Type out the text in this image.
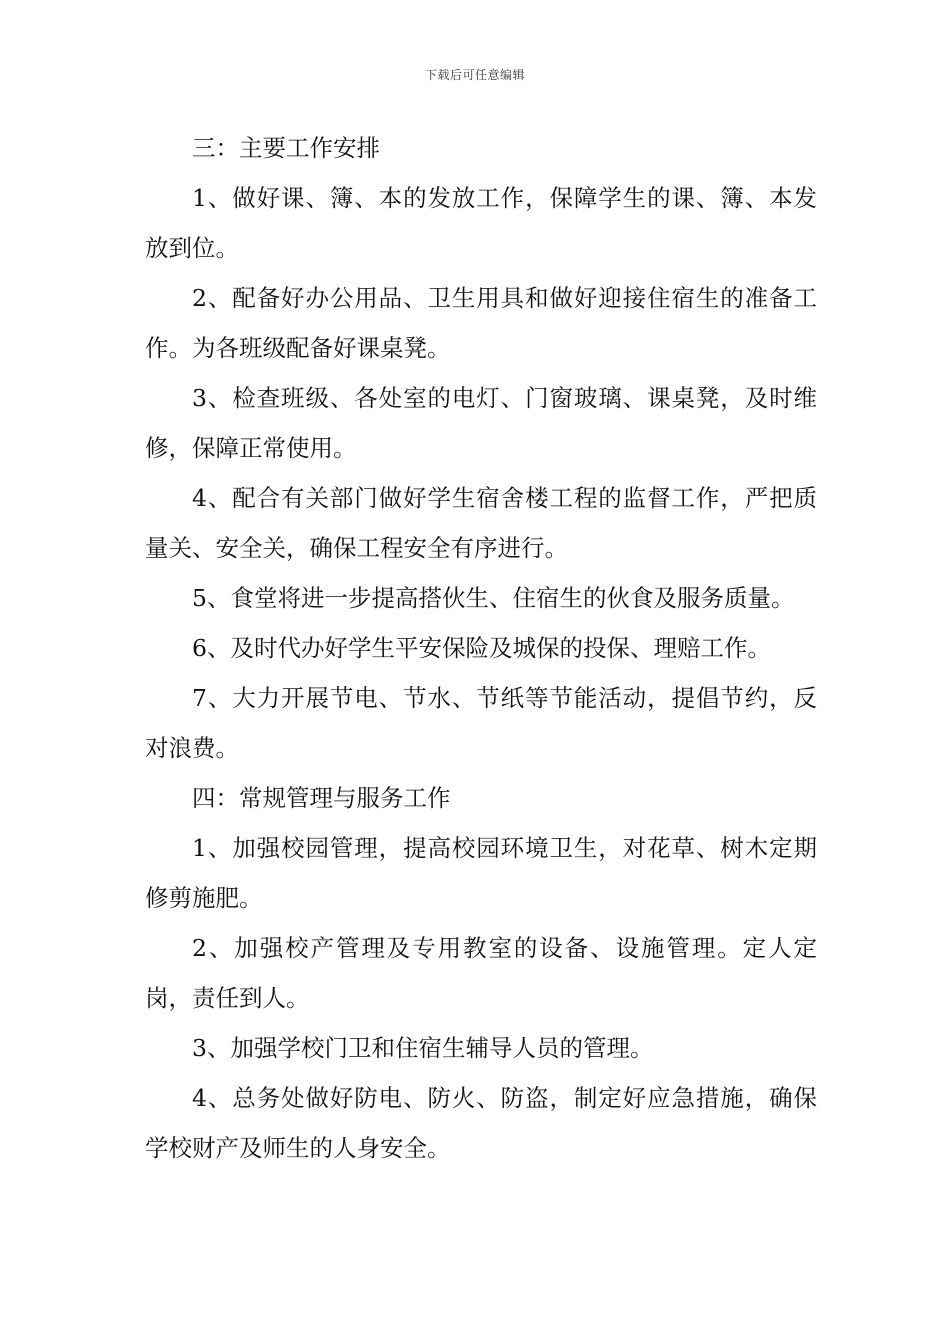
下载后可任意编辑

三：主要工作安排

1、做好课、簿、本的发放工作，保障学生的课、簿、本发放到位。

2、配备好办公用品、卫生用具和做好迎接住宿生的准备工作。为各班级配备好课桌凳。

3、检查班级、各处室的电灯、门窗玻璃、课桌凳，及时维修，保障正常使用。

4、配合有关部门做好学生宿舍楼工程的监督工作，严把质量关、安全关，确保工程安全有序进行。

5、食堂将进一步提高搭伙生、住宿生的伙食及服务质量。

6、及时代办好学生平安保险及城保的投保、理赔工作。

7、大力开展节电、节水、节纸等节能活动，提倡节约，反对浪费。

四：常规管理与服务工作

1、加强校园管理，提高校园环境卫生，对花草、树木定期修剪施肥。

2、加强校产管理及专用教室的设备、设施管理。定人定岗，责任到人。

3、加强学校门卫和住宿生辅导人员的管理。

4、总务处做好防电、防火、防盗，制定好应急措施，确保学校财产及师生的人身安全。
